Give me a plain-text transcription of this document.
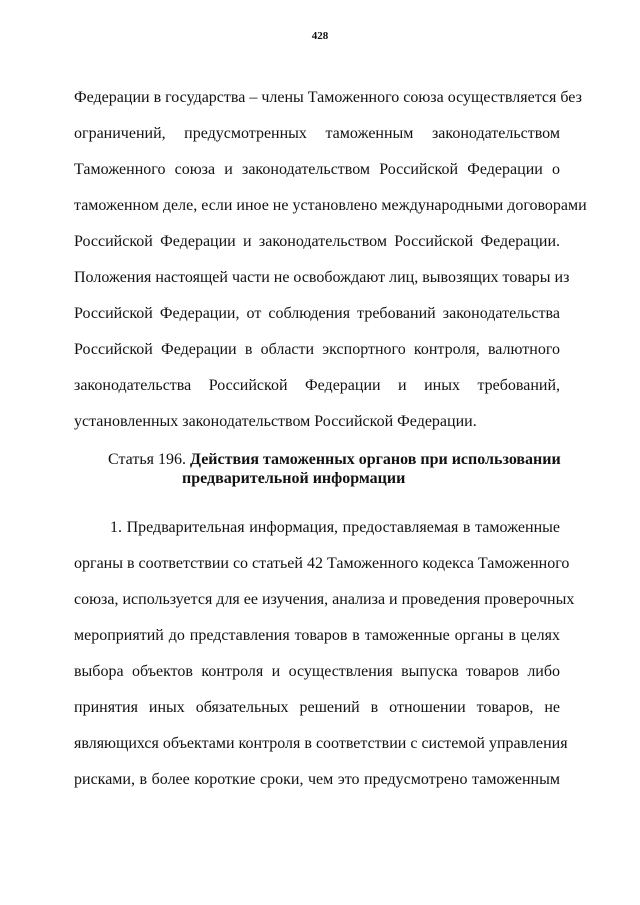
428
Федерации в государства – члены Таможенного союза осуществляется без
ограничений, предусмотренных таможенным законодательством
Таможенного союза и законодательством Российской Федерации о
таможенном деле, если иное не установлено международными договорами
Российской Федерации и законодательством Российской Федерации.
Положения настоящей части не освобождают лиц, вывозящих товары из
Российской Федерации, от соблюдения требований законодательства
Российской Федерации в области экспортного контроля, валютного
законодательства Российской Федерации и иных требований,
установленных законодательством Российской Федерации.
Статья 196. Действия таможенных органов при использовании
предварительной информации
1. Предварительная информация, предоставляемая в таможенные
органы в соответствии со статьей 42 Таможенного кодекса Таможенного
союза, используется для ее изучения, анализа и проведения проверочных
мероприятий до представления товаров в таможенные органы в целях
выбора объектов контроля и осуществления выпуска товаров либо
принятия иных обязательных решений в отношении товаров, не
являющихся объектами контроля в соответствии с системой управления
рисками, в более короткие сроки, чем это предусмотрено таможенным
